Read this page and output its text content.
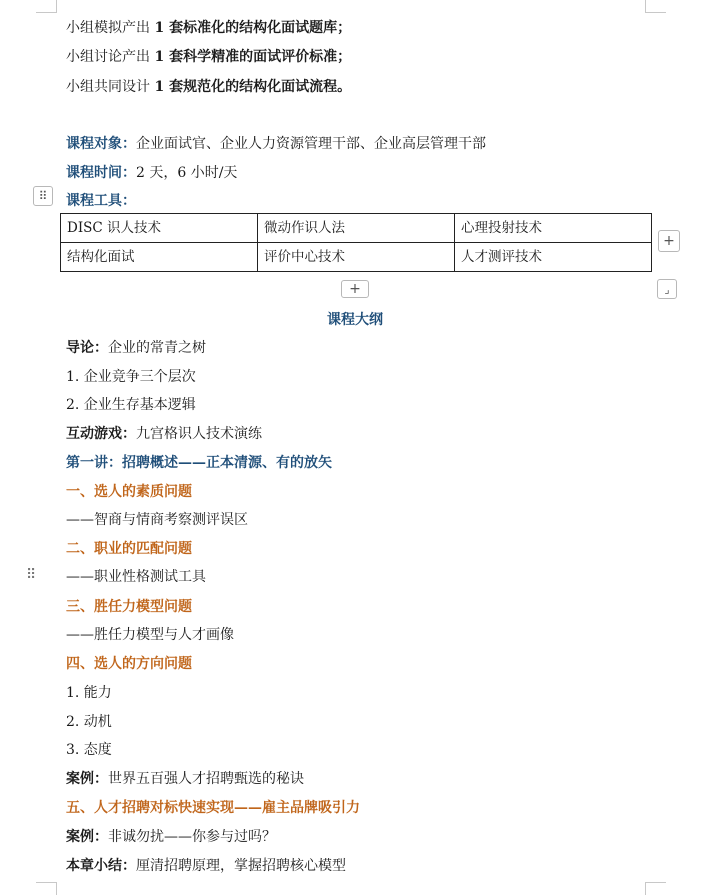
小组模拟产出 1 套标准化的结构化面试题库；
小组讨论产出 1 套科学精准的面试评价标准；
小组共同设计 1 套规范化的结构化面试流程。
课程对象：企业面试官、企业人力资源管理干部、企业高层管理干部
课程时间：2 天，6 小时/天
课程工具：
⠿
DISC 识人技术	微动作识人法	心理投射技术
结构化面试	评价中心技术	人才测评技术
+
+	⌟
课程大纲
导论：企业的常青之树
1. 企业竞争三个层次
2. 企业生存基本逻辑
互动游戏：九宫格识人技术演练
第一讲：招聘概述——正本清源、有的放矢
一、选人的素质问题
——智商与情商考察测评误区
二、职业的匹配问题
⠿ ——职业性格测试工具
三、胜任力模型问题
——胜任力模型与人才画像
四、选人的方向问题
1. 能力
2. 动机
3. 态度
案例：世界五百强人才招聘甄选的秘诀
五、人才招聘对标快速实现——雇主品牌吸引力
案例：非诚勿扰——你参与过吗？
本章小结：厘清招聘原理，掌握招聘核心模型
